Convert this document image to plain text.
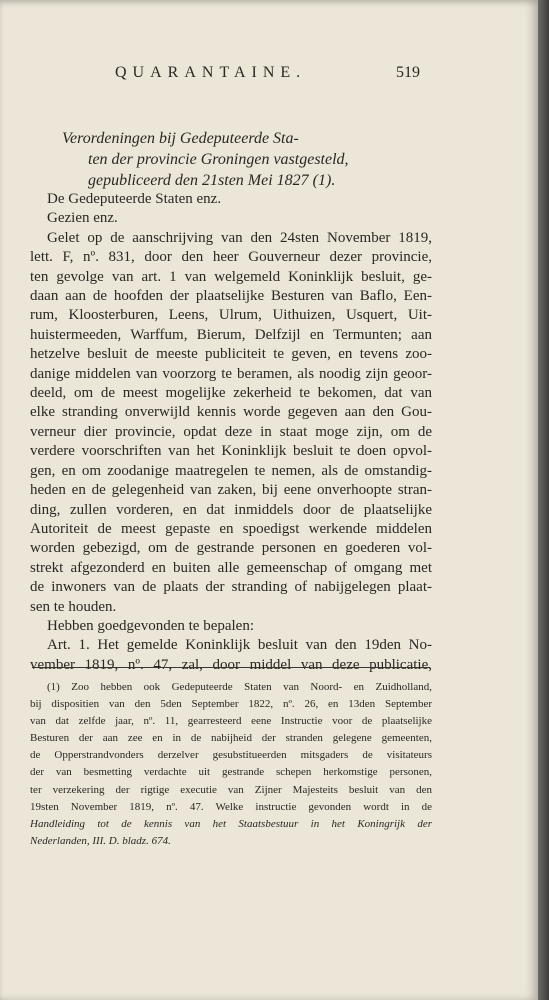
QUARANTAINE.	519
Verordeningen bij Gedeputeerde Sta-
ten der provincie Groningen vastgesteld,
gepubliceerd den 21sten Mei 1827 (1).
De Gedeputeerde Staten enz.
Gezien enz.
Gelet op de aanschrijving van den 24sten November 1819,
lett. F, nº. 831, door den heer Gouverneur dezer provincie,
ten gevolge van art. 1 van welgemeld Koninklijk besluit, ge-
daan aan de hoofden der plaatselijke Besturen van Baflo, Een-
rum, Kloosterburen, Leens, Ulrum, Uithuizen, Usquert, Uit-
huistermeeden, Warffum, Bierum, Delfzijl en Termunten; aan
hetzelve besluit de meeste publiciteit te geven, en tevens zoo-
danige middelen van voorzorg te beramen, als noodig zijn geoor-
deeld, om de meest mogelijke zekerheid te bekomen, dat van
elke stranding onverwijld kennis worde gegeven aan den Gou-
verneur dier provincie, opdat deze in staat moge zijn, om de
verdere voorschriften van het Koninklijk besluit te doen opvol-
gen, en om zoodanige maatregelen te nemen, als de omstandig-
heden en de gelegenheid van zaken, bij eene onverhoopte stran-
ding, zullen vorderen, en dat inmiddels door de plaatselijke
Autoriteit de meest gepaste en spoedigst werkende middelen
worden gebezigd, om de gestrande personen en goederen vol-
strekt afgezonderd en buiten alle gemeenschap of omgang met
de inwoners van de plaats der stranding of nabijgelegen plaat-
sen te houden.
Hebben goedgevonden te bepalen:
Art. 1. Het gemelde Koninklijk besluit van den 19den No-
vember 1819, nº. 47, zal, door middel van deze publicatie,
(1) Zoo hebben ook Gedeputeerde Staten van Noord- en Zuidholland,
bij dispositien van den 5den September 1822, nº. 26, en 13den September
van dat zelfde jaar, nº. 11, gearresteerd eene Instructie voor de plaatselijke
Besturen der aan zee en in de nabijheid der stranden gelegene gemeenten,
de Opperstrandvonders derzelver gesubstitueerden mitsgaders de visitateurs
der van besmetting verdachte uit gestrande schepen herkomstige personen,
ter verzekering der rigtige executie van Zijner Majesteits besluit van den
19sten November 1819, nº. 47. Welke instructie gevonden wordt in de
Handleiding tot de kennis van het Staatsbestuur in het Koningrijk der
Nederlanden, III. D. bladz. 674.
